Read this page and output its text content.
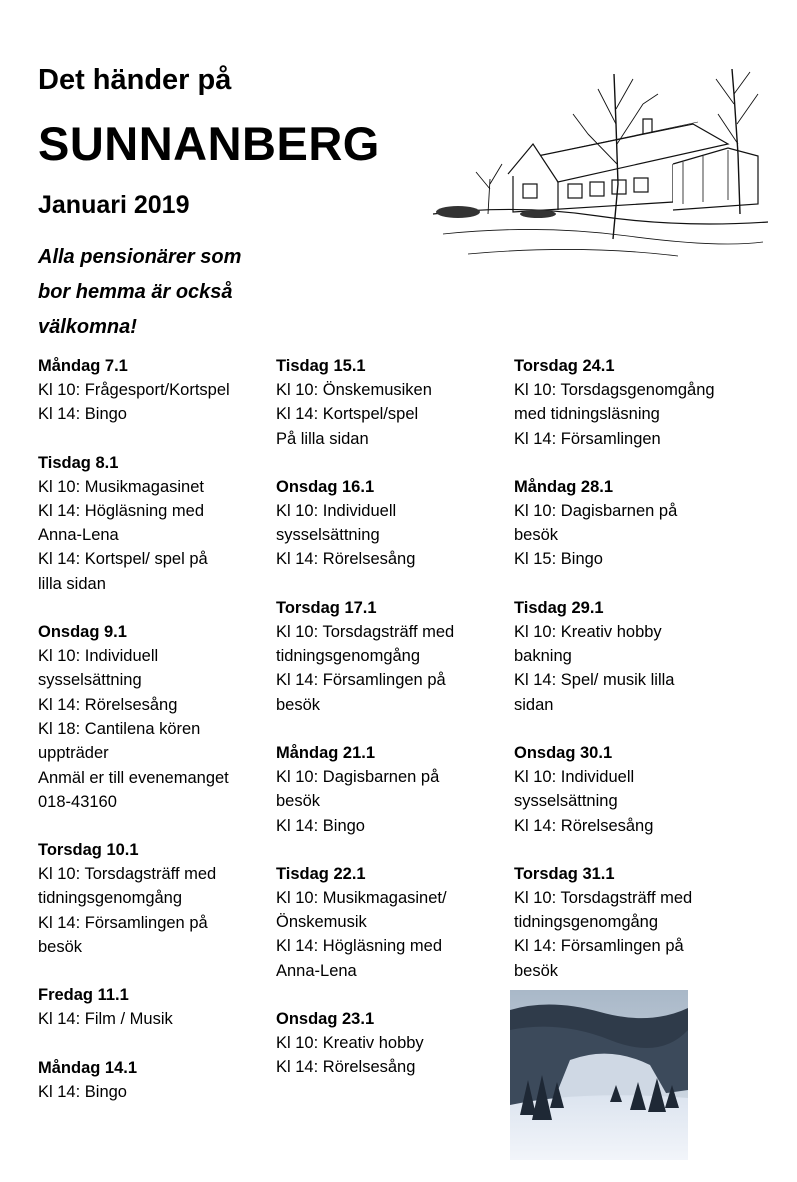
Det händer på
SUNNANBERG
Januari 2019
Alla pensionärer som bor hemma är också välkomna!
Måndag 7.1
Kl 10: Frågesport/Kortspel
Kl 14: Bingo
Tisdag 8.1
Kl 10: Musikmagasinet
Kl 14: Högläsning med
Anna-Lena
Kl 14: Kortspel/ spel på
lilla sidan
Onsdag 9.1
Kl 10: Individuell
sysselsättning
Kl 14: Rörelsesång
Kl 18: Cantilena kören
uppträder
Anmäl er till evenemanget
018-43160
Torsdag 10.1
Kl 10: Torsdagsträff med
tidningsgenomgång
Kl 14: Församlingen på
besök
Fredag 11.1
Kl 14: Film / Musik
Måndag 14.1
Kl 14: Bingo
Tisdag 15.1
Kl 10: Önskemusiken
Kl 14: Kortspel/spel
På lilla sidan
Onsdag 16.1
Kl 10: Individuell
sysselsättning
Kl 14: Rörelsesång
Torsdag 17.1
Kl 10: Torsdagsträff med
tidningsgenomgång
Kl 14: Församlingen på
besök
Måndag 21.1
Kl 10: Dagisbarnen på
besök
Kl 14: Bingo
Tisdag 22.1
Kl 10: Musikmagasinet/
Önskemusik
Kl 14: Högläsning med
Anna-Lena
Onsdag 23.1
Kl 10: Kreativ hobby
Kl 14: Rörelsesång
Torsdag 24.1
Kl 10: Torsdagsgenomgång
med tidningsläsning
Kl 14: Församlingen
Måndag 28.1
Kl 10: Dagisbarnen på
besök
Kl 15: Bingo
Tisdag 29.1
Kl 10: Kreativ hobby
bakning
Kl 14: Spel/ musik lilla
sidan
Onsdag 30.1
Kl 10: Individuell
sysselsättning
Kl 14: Rörelsesång
Torsdag 31.1
Kl 10: Torsdagsträff med
tidningsgenomgång
Kl 14: Församlingen på
besök
